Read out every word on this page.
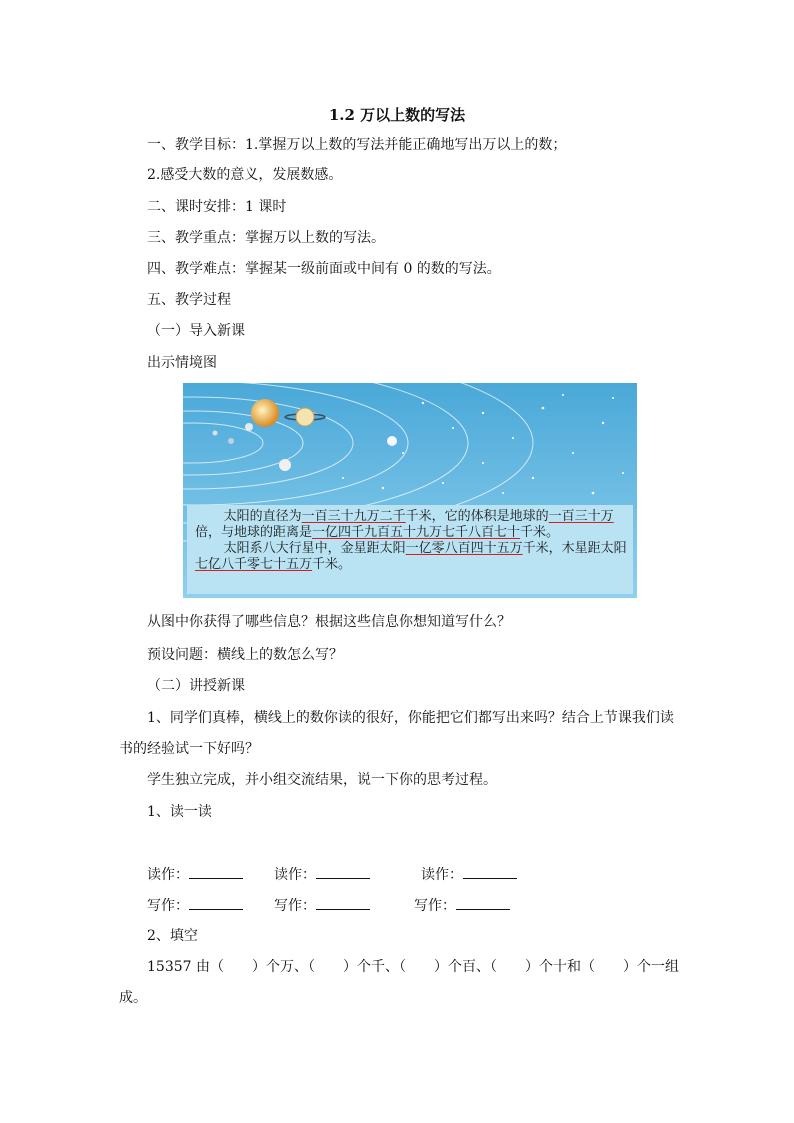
1.2 万以上数的写法
一、教学目标：1.掌握万以上数的写法并能正确地写出万以上的数；
2.感受大数的意义，发展数感。
二、课时安排：1 课时
三、教学重点：掌握万以上数的写法。
四、教学难点：掌握某一级前面或中间有 0 的数的写法。
五、教学过程
（一）导入新课
出示情境图

太阳的直径为一百三十九万二千千米，它的体积是地球的一百三十万倍，与地球的距离是一亿四千九百五十九万七千八百七十千米。

太阳系八大行星中，金星距太阳一亿零八百四十五万千米，木星距太阳七亿八千零七十五万千米。

从图中你获得了哪些信息？根据这些信息你想知道写什么？
预设问题：横线上的数怎么写？
（二）讲授新课
1、同学们真棒，横线上的数你读的很好，你能把它们都写出来吗？结合上节课我们读
书的经验试一下好吗？
学生独立完成，并小组交流结果，说一下你的思考过程。
1、读一读
读作：	读作：	读作：
写作：	写作：	写作：
2、填空
15357 由（　　）个万、（　　）个千、（　　）个百、（　　）个十和（　　）个一组
成。
